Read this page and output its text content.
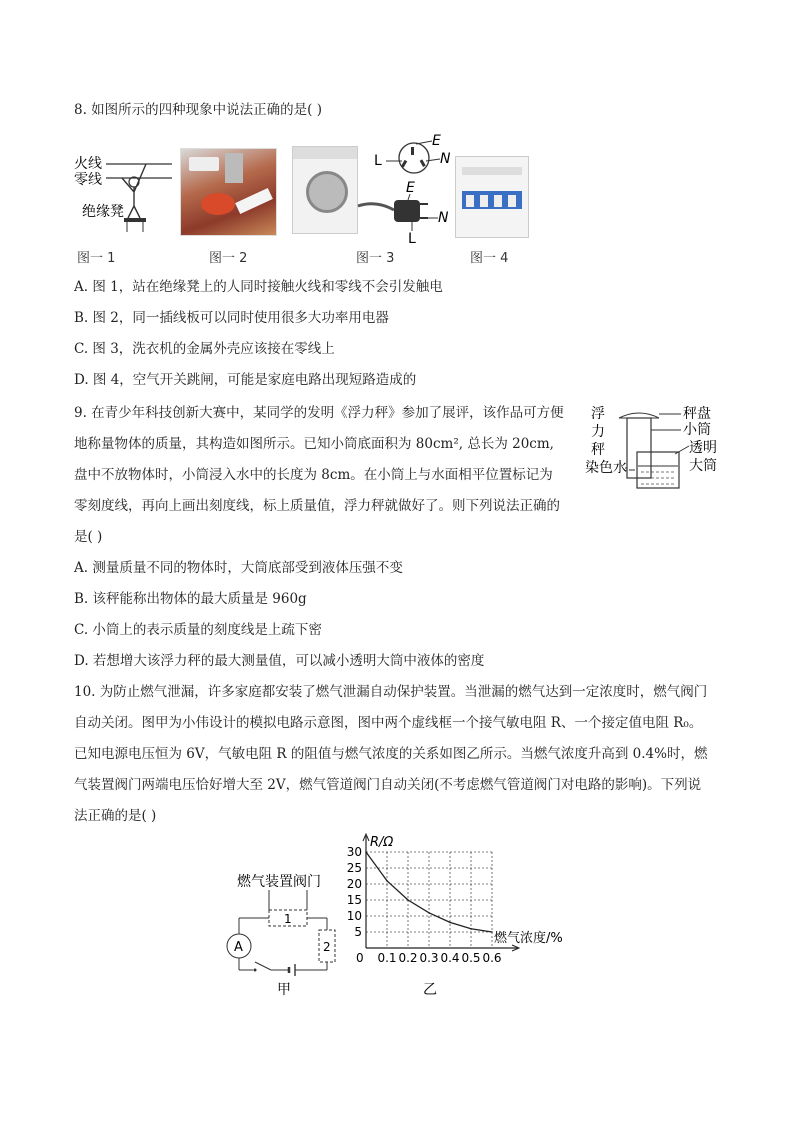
8. 如图所示的四种现象中说法正确的是( )
火线
零线
绝缘凳
图一 1	图一 2
E
L	N
E
N
L
图一 3	图一 4
A. 图 1，站在绝缘凳上的人同时接触火线和零线不会引发触电
B. 图 2，同一插线板可以同时使用很多大功率用电器
C. 图 3，洗衣机的金属外壳应该接在零线上
D. 图 4，空气开关跳闸，可能是家庭电路出现短路造成的
9. 在青少年科技创新大赛中，某同学的发明《浮力秤》参加了展评，该作品可方便
地称量物体的质量，其构造如图所示。已知小筒底面积为 80cm², 总长为 20cm,
盘中不放物体时，小筒浸入水中的长度为 8cm。在小筒上与水面相平位置标记为
零刻度线，再向上画出刻度线，标上质量值，浮力秤就做好了。则下列说法正确的
是( )
浮
力
秤
染色水
秤盘
小筒
透明
大筒
A. 测量质量不同的物体时，大筒底部受到液体压强不变
B. 该秤能称出物体的最大质量是 960g
C. 小筒上的表示质量的刻度线是上疏下密
D. 若想增大该浮力秤的最大测量值，可以减小透明大筒中液体的密度
10. 为防止燃气泄漏，许多家庭都安装了燃气泄漏自动保护装置。当泄漏的燃气达到一定浓度时，燃气阀门
自动关闭。图甲为小伟设计的模拟电路示意图，图中两个虚线框一个接气敏电阻 R、一个接定值电阻 R₀。
已知电源电压恒为 6V，气敏电阻 R 的阻值与燃气浓度的关系如图乙所示。当燃气浓度升高到 0.4%时，燃
气装置阀门两端电压恰好增大至 2V，燃气管道阀门自动关闭(不考虑燃气管道阀门对电路的影响)。下列说
法正确的是( )
燃气装置阀门
1
2
A
甲
R/Ω
燃气浓度/%
0
5
10
15
20
25
30
0.1 0.2 0.3 0.4 0.5 0.6
乙
